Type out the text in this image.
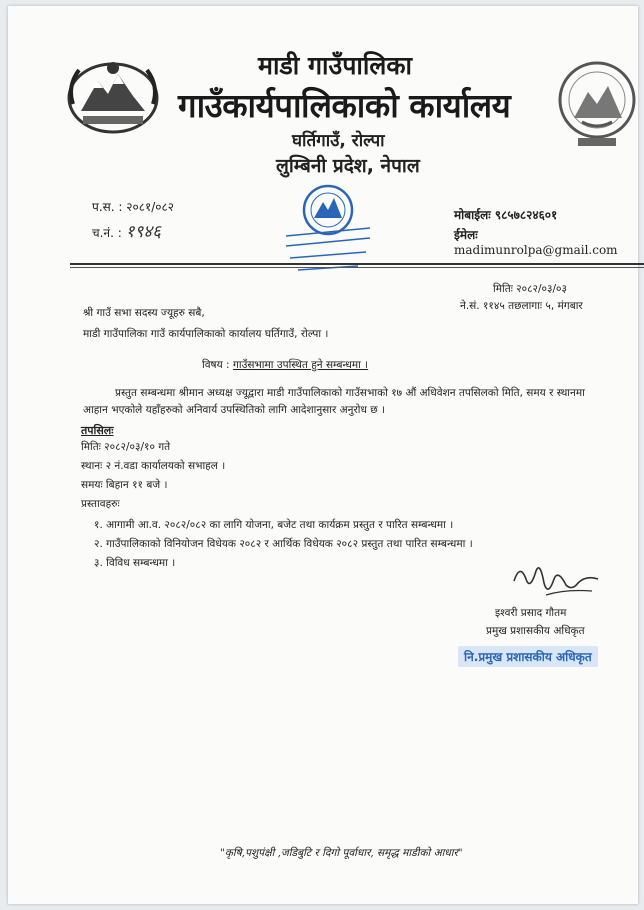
माडी गाउँपालिका
गाउँकार्यपालिकाको कार्यालय
घर्तिगाउँ, रोल्पा
लुम्बिनी प्रदेश, नेपाल
प.स. : २०८१/०८२
च.नं. : १९४६
मोबाईलः ९८५७८२४६०१
ईमेलः madimunrolpa@gmail.com
मितिः २०८२/०३/०३
ने.सं. ११४५ तछलागाः ५, मंगबार
श्री गाउँ सभा सदस्य ज्यूहरु सबै,
माडी गाउँपालिका गाउँ कार्यपालिकाको कार्यालय घर्तिगाउँ, रोल्पा ।
विषय : गाउँसभामा उपस्थित हुने सम्बन्धमा ।
प्रस्तुत सम्बन्धमा श्रीमान अध्यक्ष ज्यूद्वारा माडी गाउँपालिकाको गाउँसभाको १७ औं अधिवेशन तपसिलको मिति, समय र स्थानमा आहान भएकोले यहाँहरुको अनिवार्य उपस्थितिको लागि आदेशानुसार अनुरोध छ ।
तपसिलः
मितिः २०८२/०३/१० गते
स्थानः २ नं.वडा कार्यालयको सभाहल ।
समयः बिहान ११ बजे ।
प्रस्तावहरुः
१. आगामी आ.व. २०८२/०८२ का लागि योजना, बजेट तथा कार्यक्रम प्रस्तुत र पारित सम्बन्धमा ।
२. गाउँपालिकाको विनियोजन विधेयक २०८२ र आर्थिक विधेयक २०८२ प्रस्तुत तथा पारित सम्बन्धमा ।
३. विविध सम्बन्धमा ।
इश्वरी प्रसाद गौतम
प्रमुख प्रशासकीय अधिकृत
नि.प्रमुख प्रशासकीय अधिकृत
"कृषि,पशुपंक्षी ,जडिबुटि र दिगो पूर्वाधार, समृद्ध माडीको आधार"
